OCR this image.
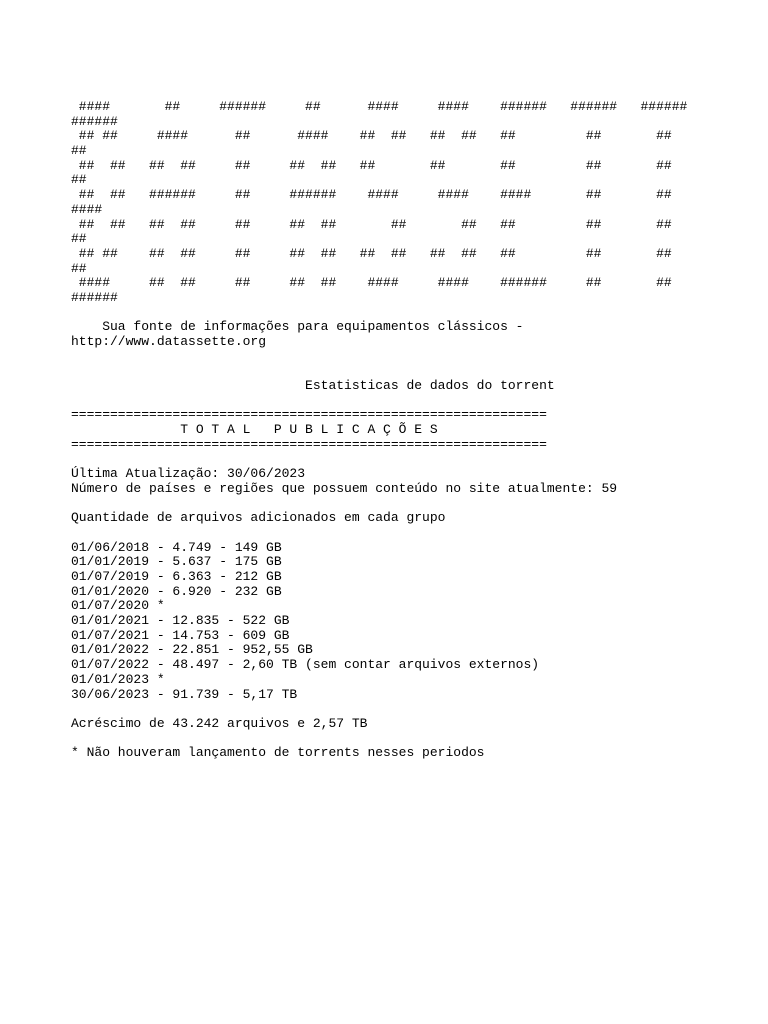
####       ##     ######     ##      ####     ####    ######   ######   ######
######
## ##     ####      ##      ####    ##  ##   ##  ##   ##         ##       ##
##
##  ##   ##  ##     ##     ##  ##   ##       ##       ##         ##       ##
##
##  ##   ######     ##     ######    ####     ####    ####       ##       ##
####
##  ##   ##  ##     ##     ##  ##       ##       ##   ##         ##       ##
##
## ##    ##  ##     ##     ##  ##   ##  ##   ##  ##   ##         ##       ##
##
####     ##  ##     ##     ##  ##    ####     ####    ######     ##       ##
######
Sua fonte de informações para equipamentos clássicos -
http://www.datassette.org
Estatisticas de dados do torrent
=============================================================
T O T A L   P U B L I C A Ç Õ E S
=============================================================
Última Atualização: 30/06/2023
Número de países e regiões que possuem conteúdo no site atualmente: 59
Quantidade de arquivos adicionados em cada grupo
01/06/2018 - 4.749 - 149 GB
01/01/2019 - 5.637 - 175 GB
01/07/2019 - 6.363 - 212 GB
01/01/2020 - 6.920 - 232 GB
01/07/2020 *
01/01/2021 - 12.835 - 522 GB
01/07/2021 - 14.753 - 609 GB
01/01/2022 - 22.851 - 952,55 GB
01/07/2022 - 48.497 - 2,60 TB (sem contar arquivos externos)
01/01/2023 *
30/06/2023 - 91.739 - 5,17 TB
Acréscimo de 43.242 arquivos e 2,57 TB
* Não houveram lançamento de torrents nesses periodos
